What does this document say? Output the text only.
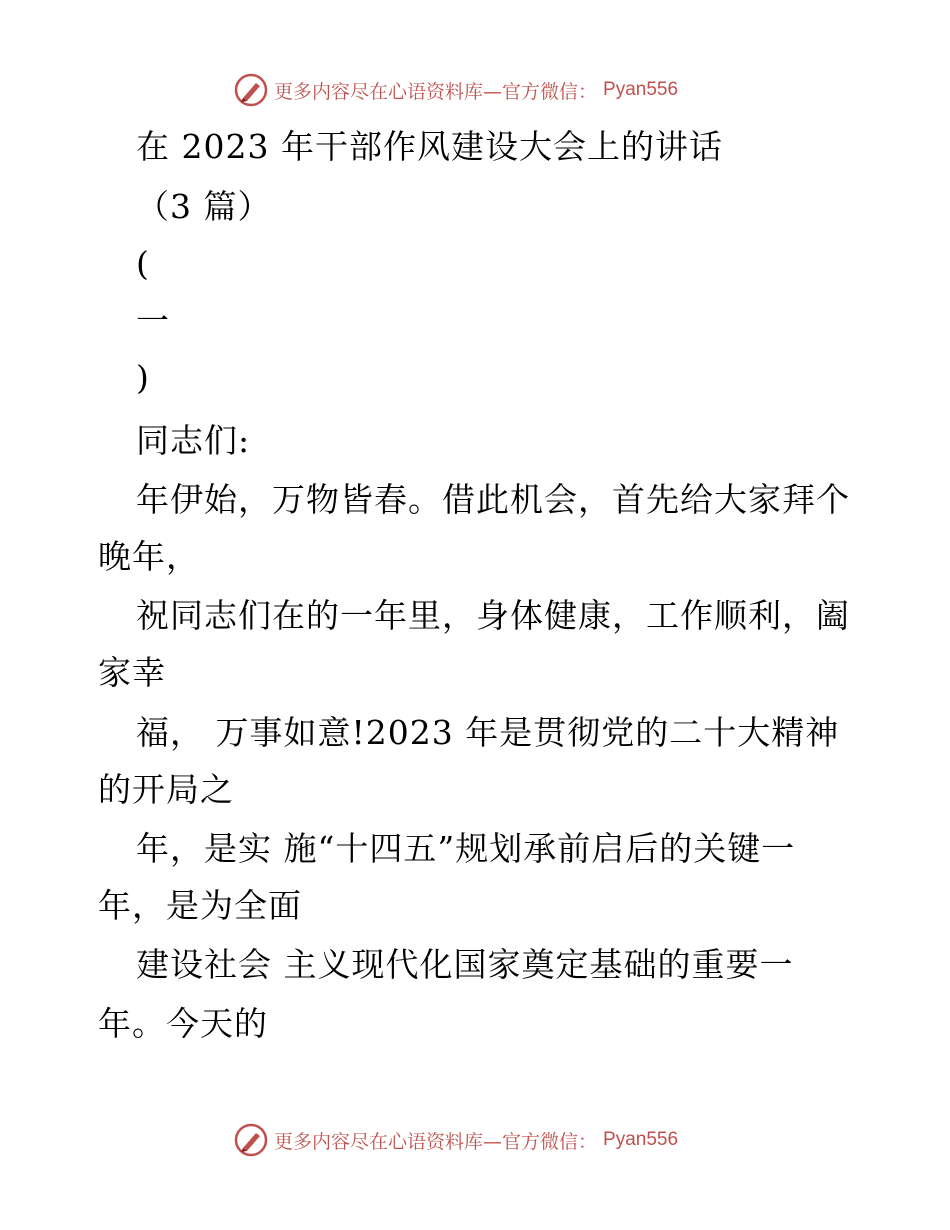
更多内容尽在心语资料库—官方微信： Pyan556
在 2023 年干部作风建设大会上的讲话
（3 篇）
(
一
)
同志们:
年伊始，万物皆春。借此机会，首先给大家拜个
晚年，
祝同志们在的一年里，身体健康，工作顺利，阖
家幸
福， 万事如意!2023 年是贯彻党的二十大精神
的开局之
年，是实 施“十四五”规划承前启后的关键一
年，是为全面
建设社会 主义现代化国家奠定基础的重要一
年。今天的
更多内容尽在心语资料库—官方微信： Pyan556
